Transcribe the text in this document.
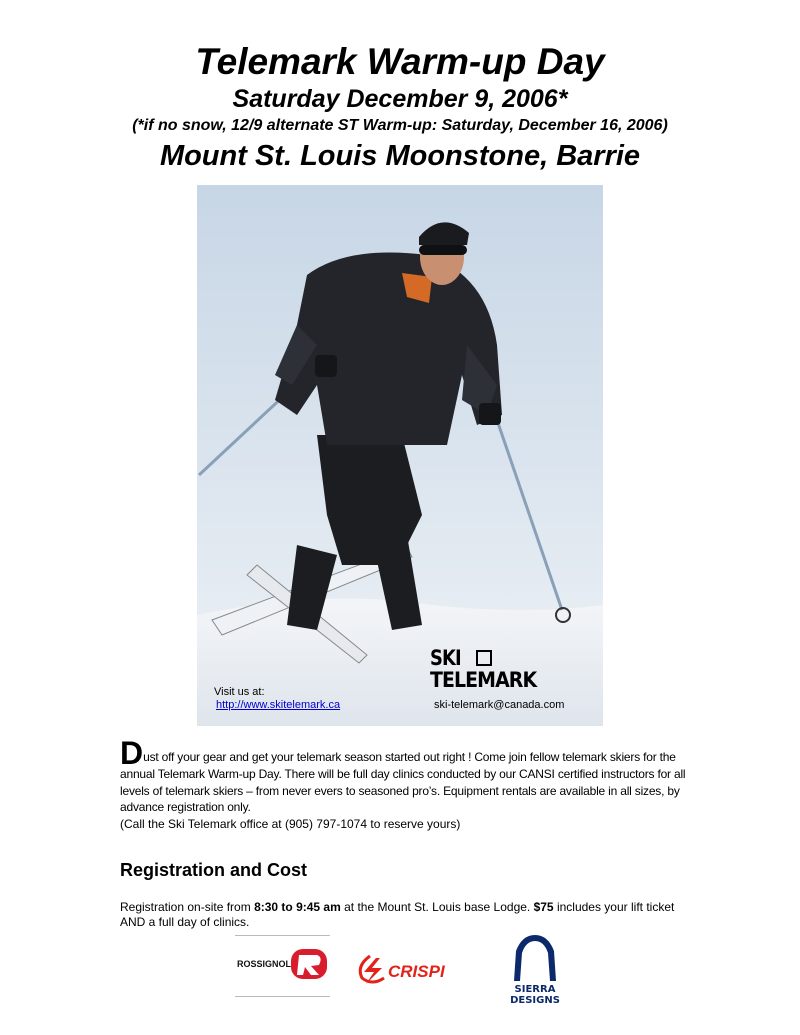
Telemark Warm-up Day
Saturday December 9, 2006*
(*if no snow, 12/9 alternate ST Warm-up: Saturday, December 16, 2006)
Mount St. Louis Moonstone, Barrie
SKI
TELEMARK
Visit us at:
http://www.skitelemark.ca	ski-telemark@canada.com

Dust off your gear and get your telemark season started out right ! Come join fellow telemark skiers for the annual Telemark Warm-up Day. There will be full day clinics conducted by our CANSI certified instructors for all levels of telemark skiers – from never evers to seasoned pro’s. Equipment rentals are available in all sizes, by advance registration only.
(Call the Ski Telemark office at (905) 797-1074 to reserve yours)

Registration and Cost

Registration on-site from 8:30 to 9:45 am at the Mount St. Louis base Lodge. $75 includes your lift ticket AND a full day of clinics.

ROSSIGNOL	CRISPI
SIERRA
DESIGNS
